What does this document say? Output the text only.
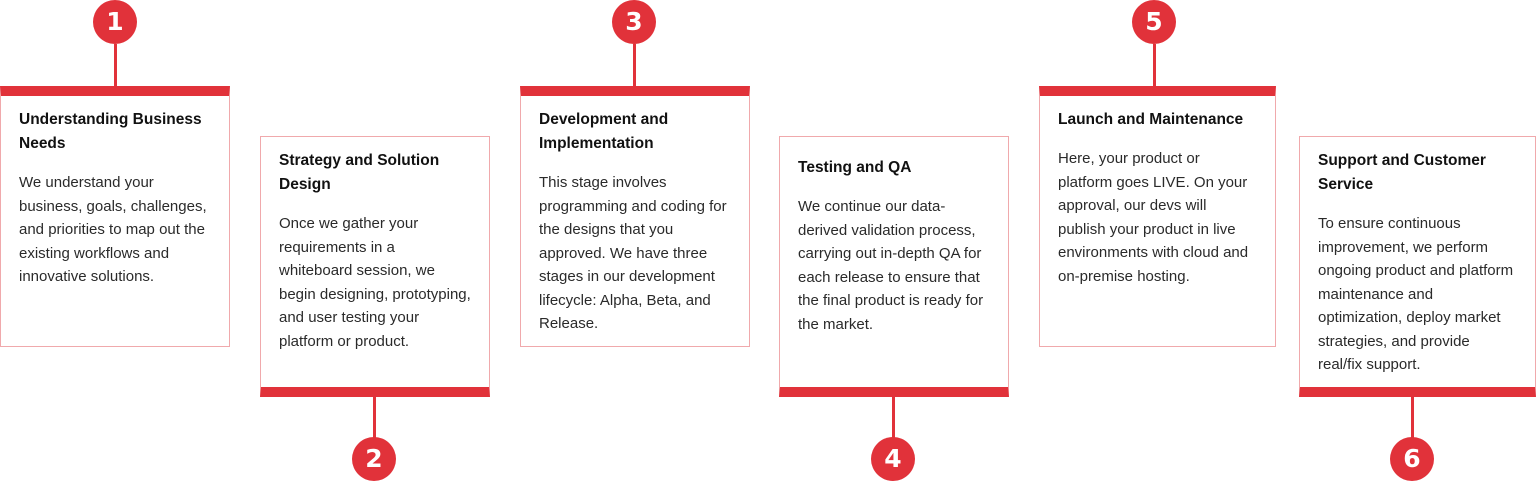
1
Understanding Business Needs

We understand your business, goals, challenges, and priorities to map out the existing workflows and innovative solutions.

Strategy and Solution Design

Once we gather your requirements in a whiteboard session, we begin designing, prototyping, and user testing your platform or product.

2
3
Development and Implementation

This stage involves programming and coding for the designs that you approved. We have three stages in our development lifecycle: Alpha, Beta, and Release.

Testing and QA

We continue our data-derived validation process, carrying out in-depth QA for each release to ensure that the final product is ready for the market.

4
5
Launch and Maintenance

Here, your product or platform goes LIVE. On your approval, our devs will publish your product in live environments with cloud and on-premise hosting.

Support and Customer Service

To ensure continuous improvement, we perform ongoing product and platform maintenance and optimization, deploy market strategies, and provide real/fix support.

6
